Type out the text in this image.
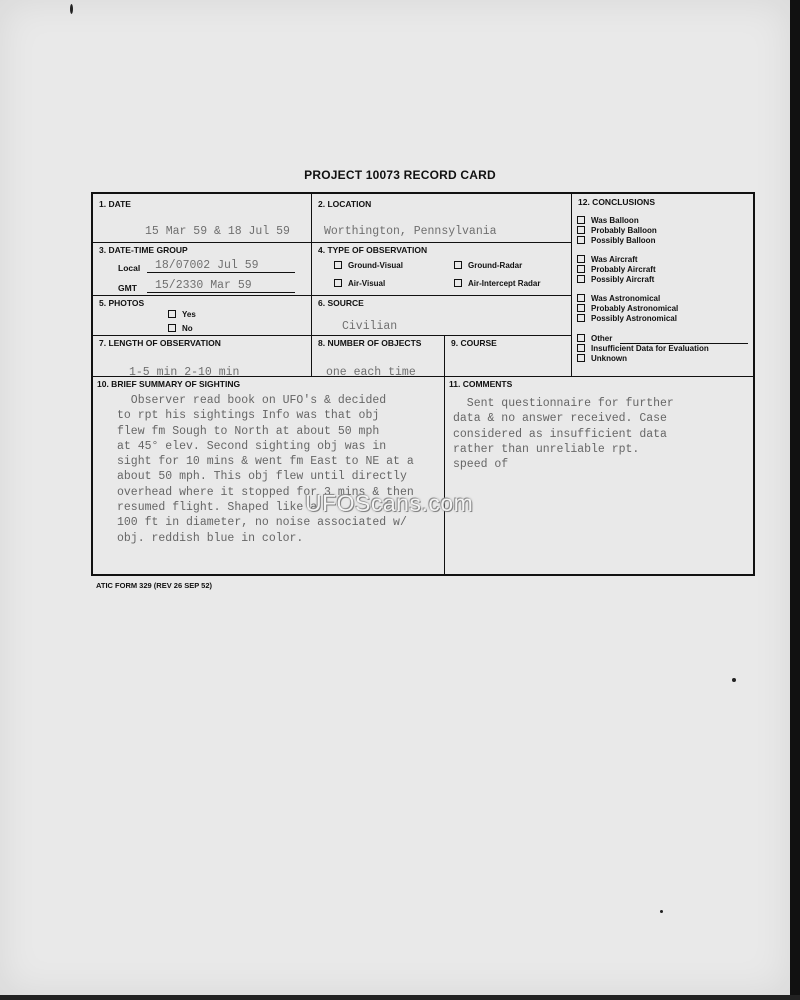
PROJECT 10073 RECORD CARD
1. DATE
15 Mar 59 & 18 Jul 59
2. LOCATION
Worthington, Pennsylvania
3. DATE-TIME GROUP
Local 18/07002 Jul 59
GMT 15/2330 Mar 59
4. TYPE OF OBSERVATION
Ground-Visual	Ground-Radar
Air-Visual	Air-Intercept Radar
5. PHOTOS
Yes
No
6. SOURCE
Civilian
7. LENGTH OF OBSERVATION
1-5 min 2-10 min
8. NUMBER OF OBJECTS
one each time
9. COURSE
12. CONCLUSIONS
Was Balloon
Probably Balloon
Possibly Balloon
Was Aircraft
Probably Aircraft
Possibly Aircraft
Was Astronomical
Probably Astronomical
Possibly Astronomical
Other
Insufficient Data for Evaluation
Unknown
10. BRIEF SUMMARY OF SIGHTING
Observer read book on UFO's & decided
to rpt his sightings Info was that obj
flew fm Sough to North at about 50 mph
at 45° elev. Second sighting obj was in
sight for 10 mins & went fm East to NE at a
about 50 mph. This obj flew until directly
overhead where it stopped for 3 mins & then
resumed flight. Shaped like a
100 ft in diameter, no noise associated w/
obj. reddish blue in color.
11. COMMENTS
Sent questionnaire for further
data & no answer received. Case
considered as insufficient data
rather than unreliable rpt.
speed of
ATIC FORM 329 (REV 26 SEP 52)
UFOScans.com
